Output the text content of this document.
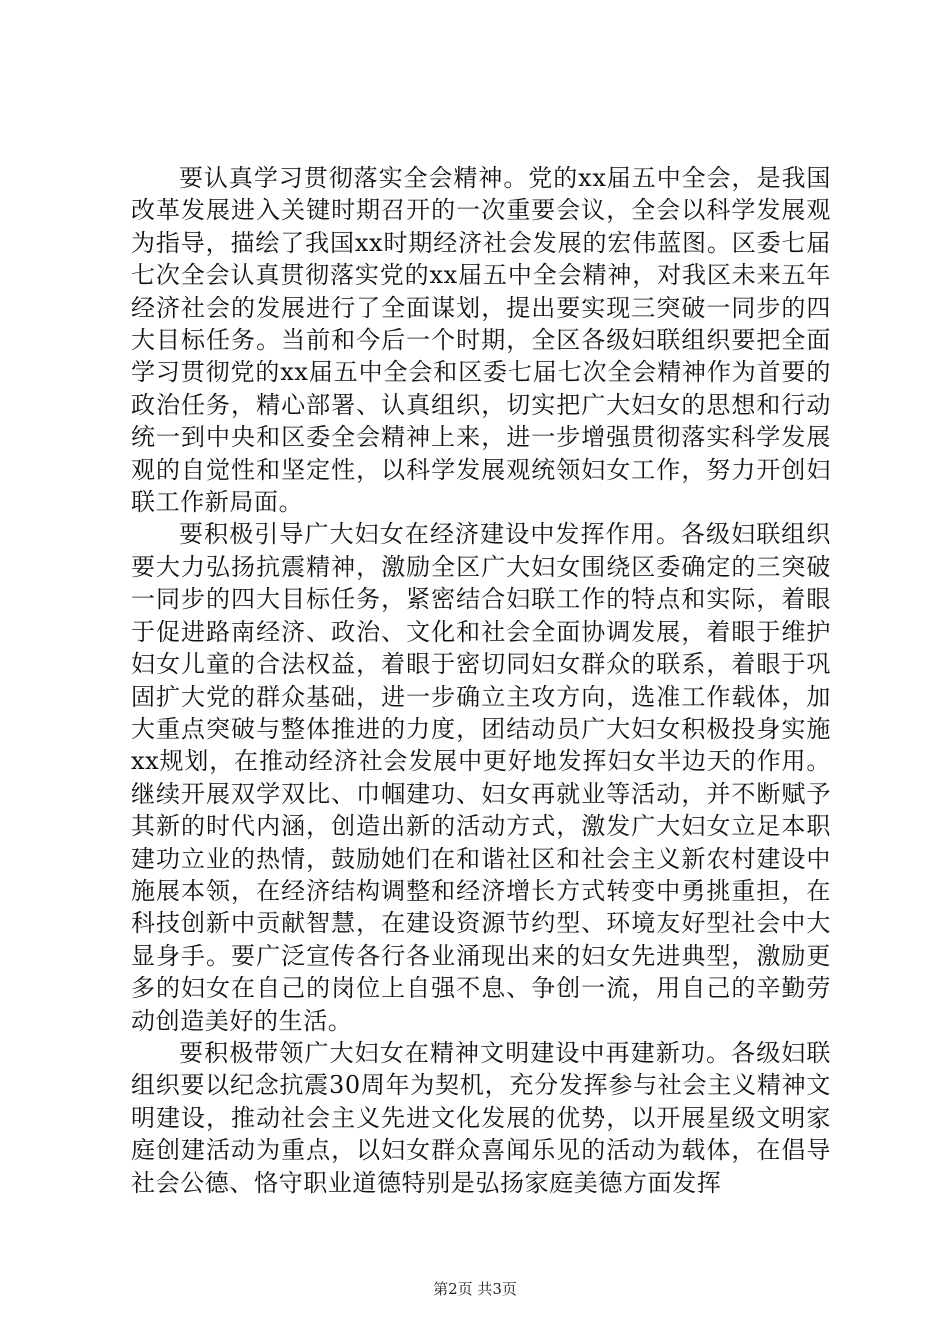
要认真学习贯彻落实全会精神。党的xx届五中全会，是我国改革发展进入关键时期召开的一次重要会议，全会以科学发展观为指导，描绘了我国xx时期经济社会发展的宏伟蓝图。区委七届七次全会认真贯彻落实党的xx届五中全会精神，对我区未来五年经济社会的发展进行了全面谋划，提出要实现三突破一同步的四大目标任务。当前和今后一个时期，全区各级妇联组织要把全面学习贯彻党的xx届五中全会和区委七届七次全会精神作为首要的政治任务，精心部署、认真组织，切实把广大妇女的思想和行动统一到中央和区委全会精神上来，进一步增强贯彻落实科学发展观的自觉性和坚定性，以科学发展观统领妇女工作，努力开创妇联工作新局面。

要积极引导广大妇女在经济建设中发挥作用。各级妇联组织要大力弘扬抗震精神，激励全区广大妇女围绕区委确定的三突破一同步的四大目标任务，紧密结合妇联工作的特点和实际，着眼于促进路南经济、政治、文化和社会全面协调发展，着眼于维护妇女儿童的合法权益，着眼于密切同妇女群众的联系，着眼于巩固扩大党的群众基础，进一步确立主攻方向，选准工作载体，加大重点突破与整体推进的力度，团结动员广大妇女积极投身实施xx规划，在推动经济社会发展中更好地发挥妇女半边天的作用。继续开展双学双比、巾帼建功、妇女再就业等活动，并不断赋予其新的时代内涵，创造出新的活动方式，激发广大妇女立足本职建功立业的热情，鼓励她们在和谐社区和社会主义新农村建设中施展本领，在经济结构调整和经济增长方式转变中勇挑重担，在科技创新中贡献智慧，在建设资源节约型、环境友好型社会中大显身手。要广泛宣传各行各业涌现出来的妇女先进典型，激励更多的妇女在自己的岗位上自强不息、争创一流，用自己的辛勤劳动创造美好的生活。

要积极带领广大妇女在精神文明建设中再建新功。各级妇联组织要以纪念抗震30周年为契机，充分发挥参与社会主义精神文明建设，推动社会主义先进文化发展的优势，以开展星级文明家庭创建活动为重点，以妇女群众喜闻乐见的活动为载体，在倡导社会公德、恪守职业道德特别是弘扬家庭美德方面发挥

第2页 共3页
